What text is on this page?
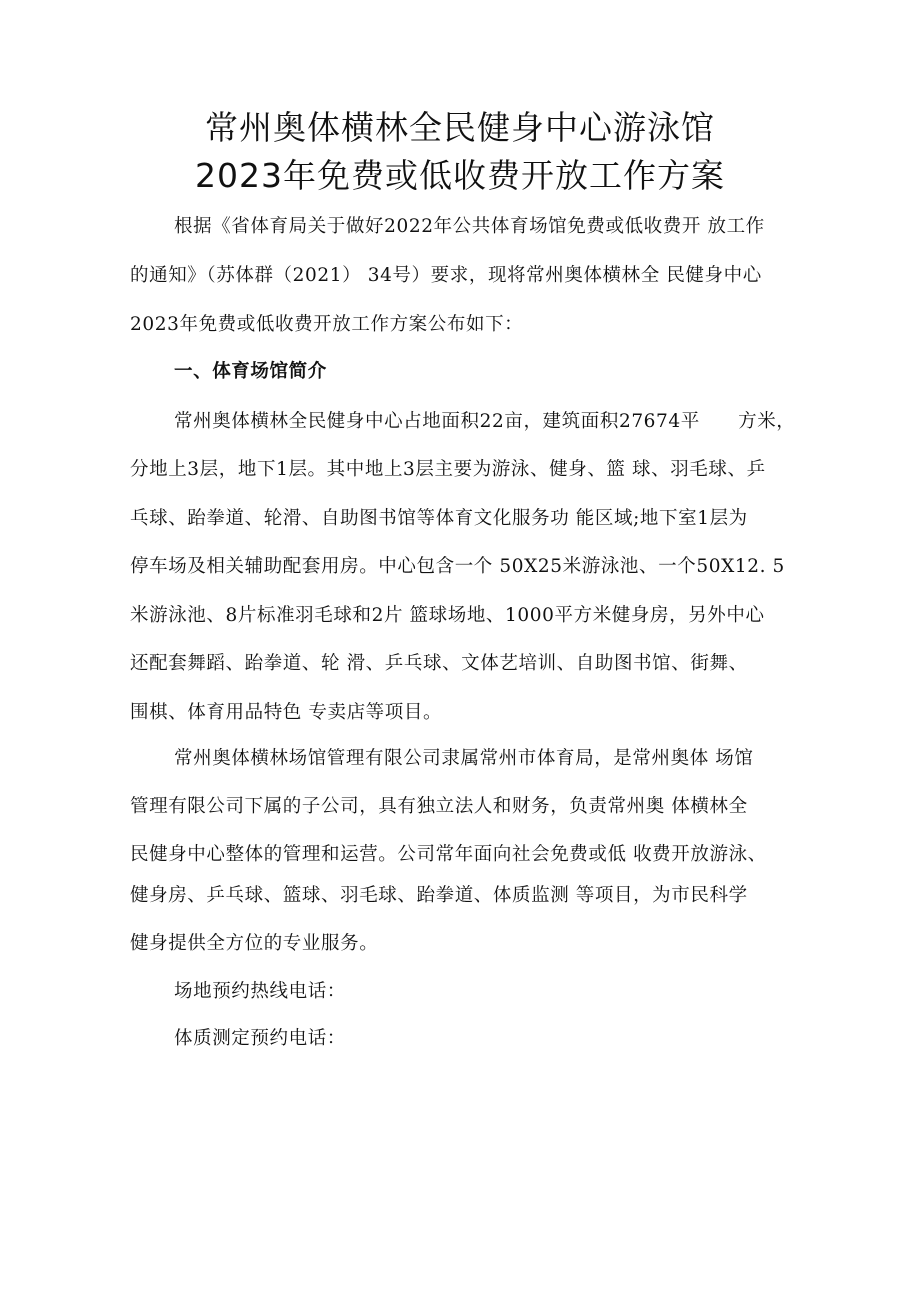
常州奥体横林全民健身中心游泳馆
2023年免费或低收费开放工作方案
根据《省体育局关于做好2022年公共体育场馆免费或低收费开 放工作
的通知》（苏体群（2021） 34号）要求，现将常州奥体横林全 民健身中心
2023年免费或低收费开放工作方案公布如下：
一、体育场馆简介
常州奥体横林全民健身中心占地面积22亩，建筑面积27674平　　方米，
分地上3层，地下1层。其中地上3层主要为游泳、健身、篮 球、羽毛球、乒
乓球、跆拳道、轮滑、自助图书馆等体育文化服务功 能区域;地下室1层为
停车场及相关辅助配套用房。中心包含一个 50X25米游泳池、一个50X12. 5
米游泳池、8片标准羽毛球和2片 篮球场地、1000平方米健身房，另外中心
还配套舞蹈、跆拳道、轮 滑、乒乓球、文体艺培训、自助图书馆、街舞、
围棋、体育用品特色 专卖店等项目。
常州奥体横林场馆管理有限公司隶属常州市体育局，是常州奥体 场馆
管理有限公司下属的子公司，具有独立法人和财务，负责常州奥 体横林全
民健身中心整体的管理和运营。公司常年面向社会免费或低 收费开放游泳、
健身房、乒乓球、篮球、羽毛球、跆拳道、体质监测 等项目，为市民科学
健身提供全方位的专业服务。
场地预约热线电话：
体质测定预约电话：
